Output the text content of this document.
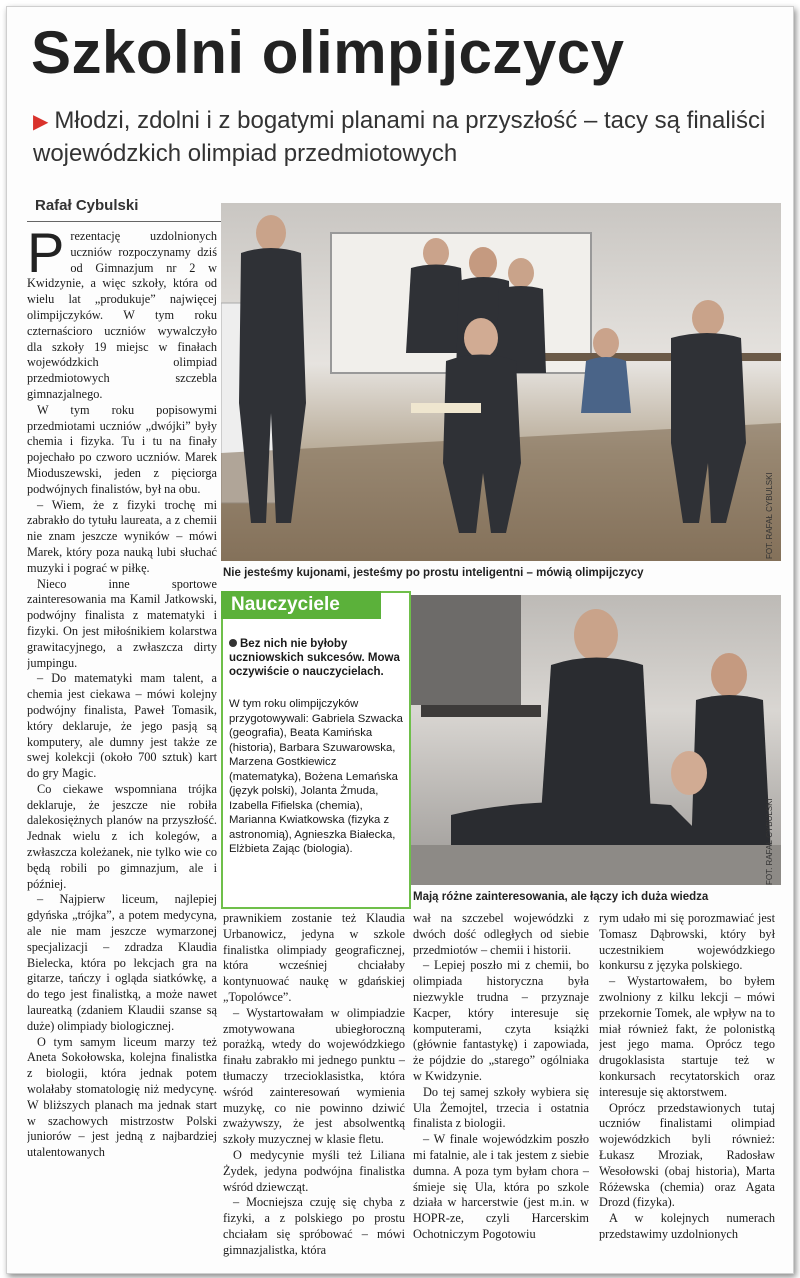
Szkolni olimpijczycy
▶ Młodzi, zdolni i z bogatymi planami na przyszłość – tacy są finaliści wojewódzkich olimpiad przedmiotowych
Rafał Cybulski
P rezentację uzdolnionych uczniów rozpoczynamy dziś od Gimnazjum nr 2 w Kwidzynie, a więc szkoły, która od wielu lat „produkuje” najwięcej olimpijczyków. W tym roku czternaścioro uczniów wywalczyło dla szkoły 19 miejsc w finałach wojewódzkich olimpiad przedmiotowych szczebla gimnazjalnego.

W tym roku popisowymi przedmiotami uczniów „dwójki” były chemia i fizyka. Tu i tu na finały pojechało po czworo uczniów. Marek Mioduszewski, jeden z pięciorga podwójnych finalistów, był na obu.

– Wiem, że z fizyki trochę mi zabrakło do tytułu laureata, a z chemii nie znam jeszcze wyników – mówi Marek, który poza nauką lubi słuchać muzyki i pograć w piłkę.

Nieco inne sportowe zainteresowania ma Kamil Jatkowski, podwójny finalista z matematyki i fizyki. On jest miłośnikiem kolarstwa grawitacyjnego, a zwłaszcza dirty jumpingu.

– Do matematyki mam talent, a chemia jest ciekawa – mówi kolejny podwójny finalista, Paweł Tomasik, który deklaruje, że jego pasją są komputery, ale dumny jest także ze swej kolekcji (około 700 sztuk) kart do gry Magic.

Co ciekawe wspomniana trójka deklaruje, że jeszcze nie robiła dalekosiężnych planów na przyszłość. Jednak wielu z ich kolegów, a zwłaszcza koleżanek, nie tylko wie co będą robili po gimnazjum, ale i później.

– Najpierw liceum, najlepiej gdyńska „trójka”, a potem medycyna, ale nie mam jeszcze wymarzonej specjalizacji – zdradza Klaudia Bielecka, która po lekcjach gra na gitarze, tańczy i ogląda siatkówkę, a do tego jest finalistką, a może nawet laureatką (zdaniem Klaudii szanse są duże) olimpiady biologicznej.

O tym samym liceum marzy też Aneta Sokołowska, kolejna finalistka z biologii, która jednak potem wolałaby stomatologię niż medycynę. W bliższych planach ma jednak start w szachowych mistrzostw Polski juniorów – jest jedną z najbardziej utalentowanych

FOT. RAFAŁ CYBULSKI
Nie jesteśmy kujonami, jesteśmy po prostu inteligentni – mówią olimpijczycy
Nauczyciele
Bez nich nie byłoby uczniowskich sukcesów. Mowa oczywiście o nauczycielach.
W tym roku olimpijczyków przygotowywali: Gabriela Szwacka (geografia), Beata Kamińska (historia), Barbara Szuwarowska, Marzena Gostkiewicz (matematyka), Bożena Lemańska (język polski), Jolanta Żmuda, Izabella Fifielska (chemia), Marianna Kwiatkowska (fizyka z astronomią), Agnieszka Białecka, Elżbieta Zając (biologia).	FOT. RAFAŁ CYBULSKI
Mają różne zainteresowania, ale łączy ich duża wiedza

prawnikiem zostanie też Klaudia Urbanowicz, jedyna w szkole finalistka olimpiady geograficznej, która wcześniej chciałaby kontynuować naukę w gdańskiej „Topolówce”.

– Wystartowałam w olimpiadzie zmotywowana ubiegłoroczną porażką, wtedy do wojewódzkiego finału zabrakło mi jednego punktu – tłumaczy trzecioklasistka, która wśród zainteresowań wymienia muzykę, co nie powinno dziwić zważywszy, że jest absolwentką szkoły muzycznej w klasie fletu.

O medycynie myśli też Liliana Żydek, jedyna podwójna finalistka wśród dziewcząt.

– Mocniejsza czuję się chyba z fizyki, a z polskiego po prostu chciałam się spróbować – mówi gimnazjalistka, która

wał na szczebel wojewódzki z dwóch dość odległych od siebie przedmiotów – chemii i historii.

– Lepiej poszło mi z chemii, bo olimpiada historyczna była niezwykle trudna – przyznaje Kacper, który interesuje się komputerami, czyta książki (głównie fantastykę) i zapowiada, że pójdzie do „starego” ogólniaka w Kwidzynie.

Do tej samej szkoły wybiera się Ula Żemojtel, trzecia i ostatnia finalista z biologii.

– W finale wojewódzkim poszło mi fatalnie, ale i tak jestem z siebie dumna. A poza tym byłam chora – śmieje się Ula, która po szkole działa w harcerstwie (jest m.in. w HOPR-ze, czyli Harcerskim Ochotniczym Pogotowiu

rym udało mi się porozmawiać jest Tomasz Dąbrowski, który był uczestnikiem wojewódzkiego konkursu z języka polskiego.

– Wystartowałem, bo byłem zwolniony z kilku lekcji – mówi przekornie Tomek, ale wpływ na to miał również fakt, że polonistką jest jego mama. Oprócz tego drugoklasista startuje też w konkursach recytatorskich oraz interesuje się aktorstwem.

Oprócz przedstawionych tutaj uczniów finalistami olimpiad wojewódzkich byli również: Łukasz Mroziak, Radosław Wesołowski (obaj historia), Marta Różewska (chemia) oraz Agata Drozd (fizyka).

A w kolejnych numerach przedstawimy uzdolnionych
